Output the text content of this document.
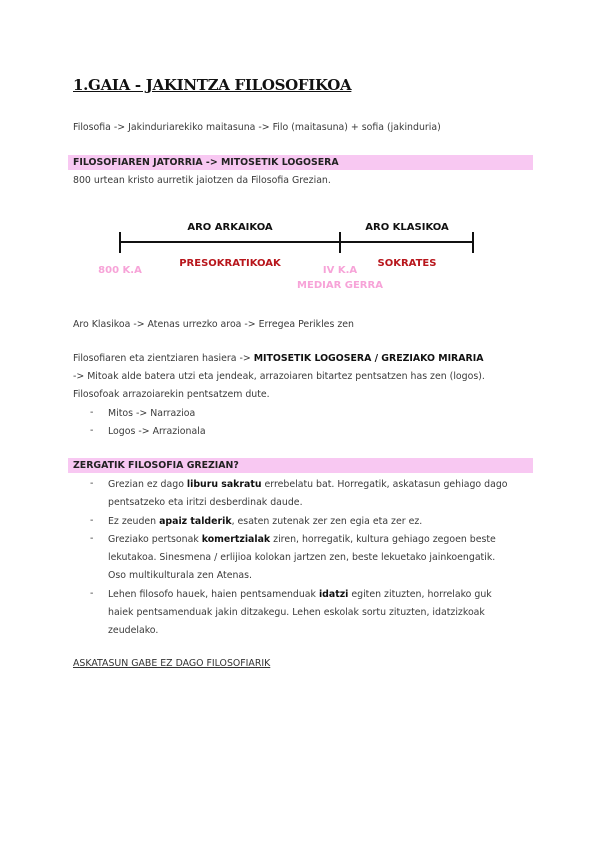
1.GAIA - JAKINTZA FILOSOFIKOA
Filosofia -> Jakinduriarekiko maitasuna -> Filo (maitasuna) + sofia (jakinduria)
FILOSOFIAREN JATORRIA -> MITOSETIK LOGOSERA
800 urtean kristo aurretik jaiotzen da Filosofia Grezian.
ARO ARKAIKOA	ARO KLASIKOA
800 K.A
PRESOKRATIKOAK
IV K.A
MEDIAR GERRA
SOKRATES
Aro Klasikoa -> Atenas urrezko aroa -> Erregea Perikles zen
Filosofiaren eta zientziaren hasiera -> MITOSETIK LOGOSERA / GREZIAKO MIRARIA
-> Mitoak alde batera utzi eta jendeak, arrazoiaren bitartez pentsatzen has zen (logos).
Filosofoak arrazoiarekin pentsatzem dute.
- Mitos -> Narrazioa
- Logos -> Arrazionala
ZERGATIK FILOSOFIA GREZIAN?
- Grezian ez dago liburu sakratu errebelatu bat. Horregatik, askatasun gehiago dago
pentsatzeko eta iritzi desberdinak daude.
- Ez zeuden apaiz talderik, esaten zutenak zer zen egia eta zer ez.
- Greziako pertsonak komertzialak ziren, horregatik, kultura gehiago zegoen beste
lekutakoa. Sinesmena / erlijioa kolokan jartzen zen, beste lekuetako jainkoengatik.
Oso multikulturala zen Atenas.
- Lehen filosofo hauek, haien pentsamenduak idatzi egiten zituzten, horrelako guk
haiek pentsamenduak jakin ditzakegu. Lehen eskolak sortu zituzten, idatzizkoak
zeudelako.
ASKATASUN GABE EZ DAGO FILOSOFIARIK
